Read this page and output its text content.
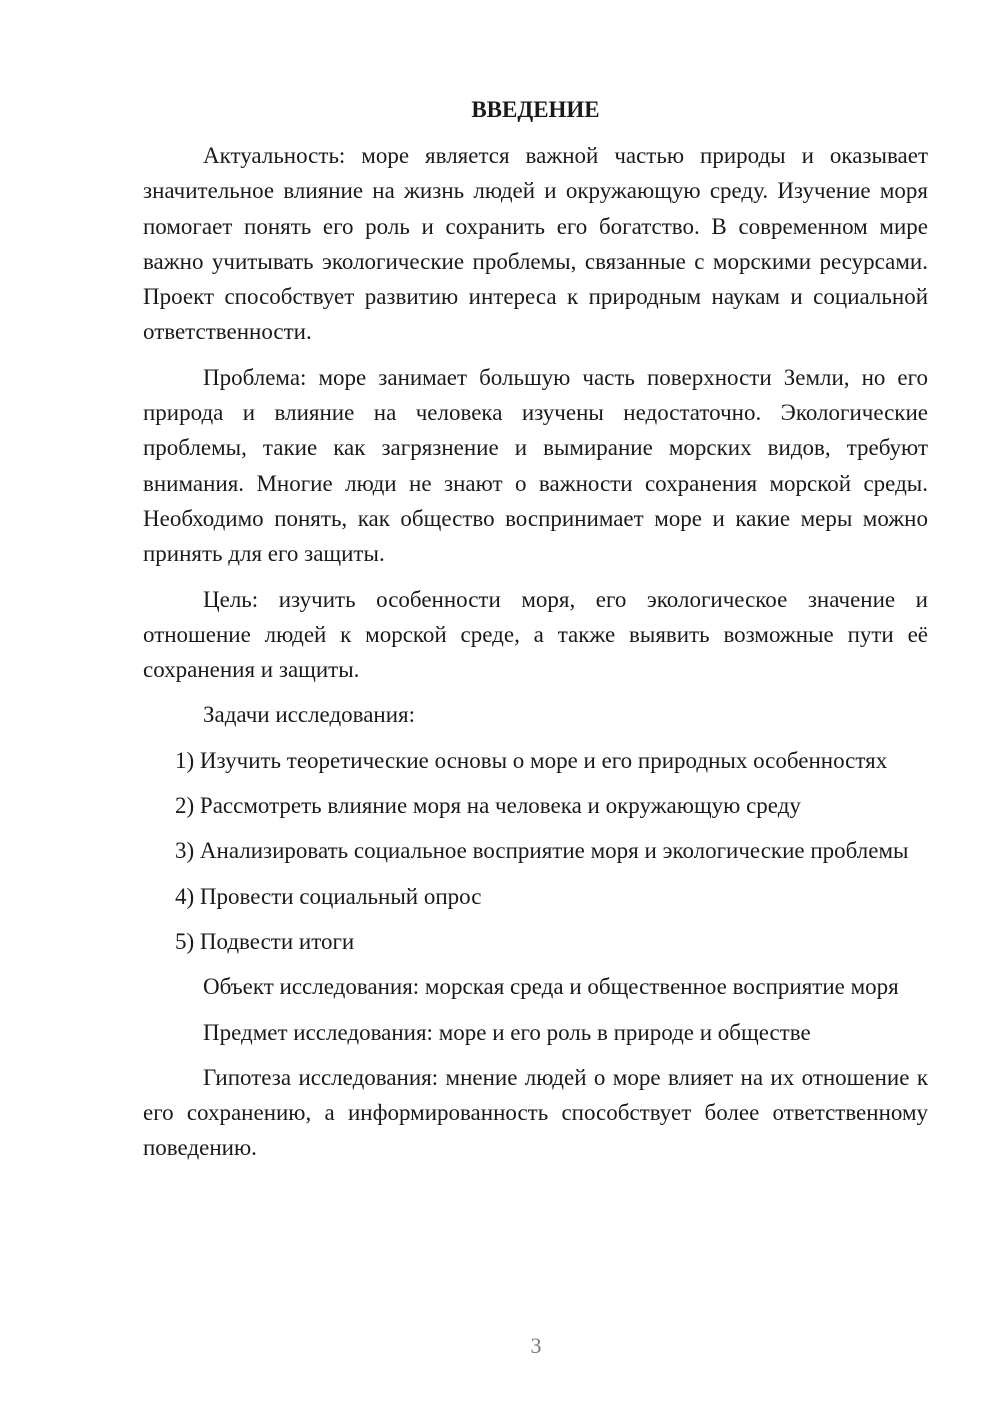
ВВЕДЕНИЕ

Актуальность: море является важной частью природы и оказывает значительное влияние на жизнь людей и окружающую среду. Изучение моря помогает понять его роль и сохранить его богатство. В современном мире важно учитывать экологические проблемы, связанные с морскими ресурсами. Проект способствует развитию интереса к природным наукам и социальной ответственности.

Проблема: море занимает большую часть поверхности Земли, но его природа и влияние на человека изучены недостаточно. Экологические проблемы, такие как загрязнение и вымирание морских видов, требуют внимания. Многие люди не знают о важности сохранения морской среды. Необходимо понять, как общество воспринимает море и какие меры можно принять для его защиты.

Цель: изучить особенности моря, его экологическое значение и отношение людей к морской среде, а также выявить возможные пути её сохранения и защиты.

Задачи исследования:

1) Изучить теоретические основы о море и его природных особенностях

2) Рассмотреть влияние моря на человека и окружающую среду

3) Анализировать социальное восприятие моря и экологические проблемы

4) Провести социальный опрос

5) Подвести итоги

Объект исследования: морская среда и общественное восприятие моря

Предмет исследования: море и его роль в природе и обществе

Гипотеза исследования: мнение людей о море влияет на их отношение к его сохранению, а информированность способствует более ответственному поведению.

3
